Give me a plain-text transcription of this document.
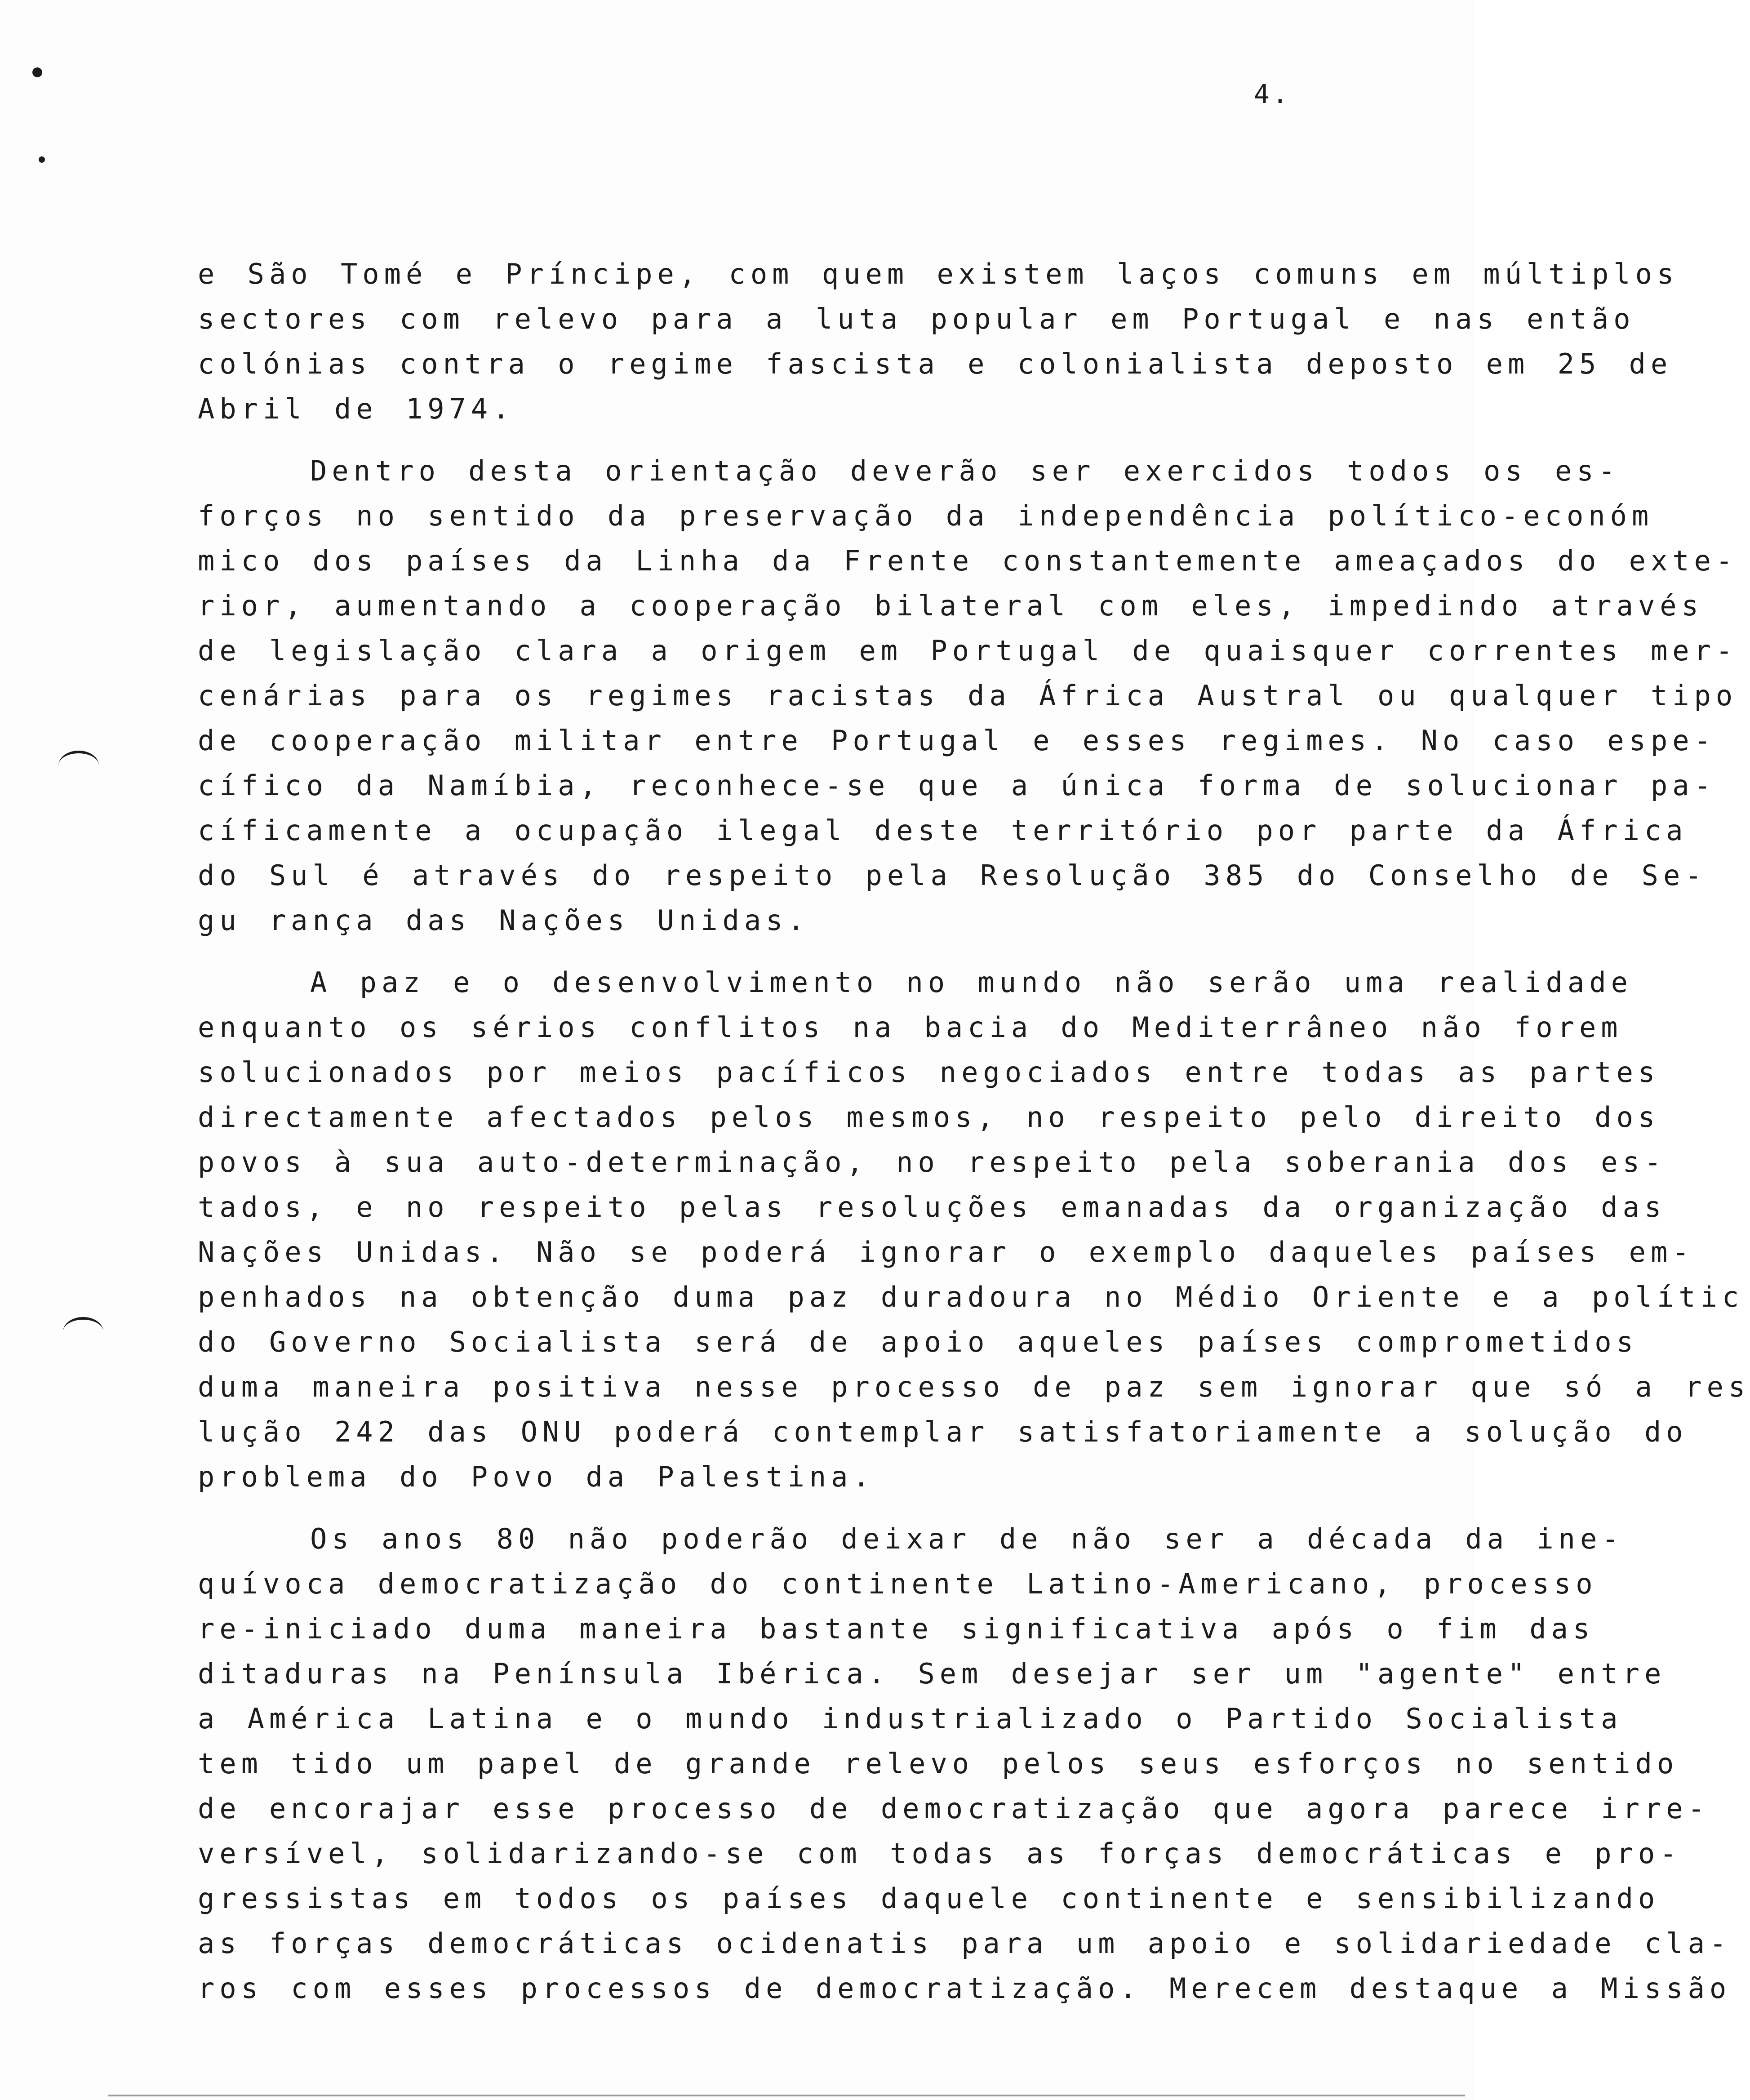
4.
e São Tomé e Príncipe, com quem existem laços comuns em múltiplos
sectores com relevo para a luta popular em Portugal e nas então
colónias contra o regime fascista e colonialista deposto em 25 de
Abril de 1974.
Dentro desta orientação deverão ser exercidos todos os es-
forços no sentido da preservação da independência político-económ
mico dos países da Linha da Frente constantemente ameaçados do exte-
rior, aumentando a cooperação bilateral com eles, impedindo através
de legislação clara a origem em Portugal de quaisquer correntes mer-
cenárias para os regimes racistas da África Austral ou qualquer tipo
de cooperação militar entre Portugal e esses regimes. No caso espe-
cífico da Namíbia, reconhece-se que a única forma de solucionar pa-
cíficamente a ocupação ilegal deste território por parte da África
do Sul é através do respeito pela Resolução 385 do Conselho de Se-
gu rança das Nações Unidas.
A paz e o desenvolvimento no mundo não serão uma realidade
enquanto os sérios conflitos na bacia do Mediterrâneo não forem
solucionados por meios pacíficos negociados entre todas as partes
directamente afectados pelos mesmos, no respeito pelo direito dos
povos à sua auto-determinação, no respeito pela soberania dos es-
tados, e no respeito pelas resoluções emanadas da organização das
Nações Unidas. Não se poderá ignorar o exemplo daqueles países em-
penhados na obtenção duma paz duradoura no Médio Oriente e a polític
do Governo Socialista será de apoio aqueles países comprometidos
duma maneira positiva nesse processo de paz sem ignorar que só a res
lução 242 das ONU poderá contemplar satisfatoriamente a solução do
problema do Povo da Palestina.
Os anos 80 não poderão deixar de não ser a década da ine-
quívoca democratização do continente Latino-Americano, processo
re-iniciado duma maneira bastante significativa após o fim das
ditaduras na Península Ibérica. Sem desejar ser um "agente" entre
a América Latina e o mundo industrializado o Partido Socialista
tem tido um papel de grande relevo pelos seus esforços no sentido
de encorajar esse processo de democratização que agora parece irre-
versível, solidarizando-se com todas as forças democráticas e pro-
gressistas em todos os países daquele continente e sensibilizando
as forças democráticas ocidenatis para um apoio e solidariedade cla-
ros com esses processos de democratização. Merecem destaque a Missão
